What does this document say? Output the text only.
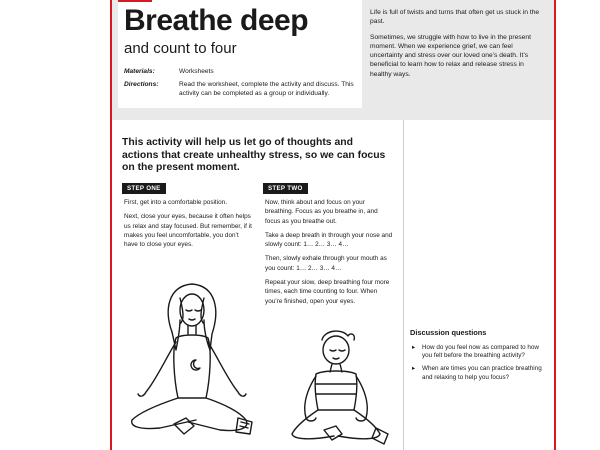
Breathe deep

and count to four

Materials:	Worksheets
Directions:	Read the worksheet, complete the activity and discuss. This activity can be completed as a group or individually.

Life is full of twists and turns that often get us stuck in the past.

Sometimes, we struggle with how to live in the present moment. When we experience grief, we can feel uncertainty and stress over our loved one’s death. It’s beneficial to learn how to relax and release stress in healthy ways.

This activity will help us let go of thoughts and actions that create unhealthy stress, so we can focus on the present moment.

STEP ONE

First, get into a comfortable position.

Next, close your eyes, because it often helps us relax and stay focused. But remember, if it makes you feel uncomfortable, you don’t have to close your eyes.

STEP TWO

Now, think about and focus on your breathing. Focus as you breathe in, and focus as you breathe out.

Take a deep breath in through your nose and slowly count: 1… 2… 3… 4…

Then, slowly exhale through your mouth as you count: 1… 2… 3… 4…

Repeat your slow, deep breathing four more times, each time counting to four. When you’re finished, open your eyes.

Discussion questions

▸ How do you feel now as compared to how you felt before the breathing activity?
▸ When are times you can practice breathing and relaxing to help you focus?
